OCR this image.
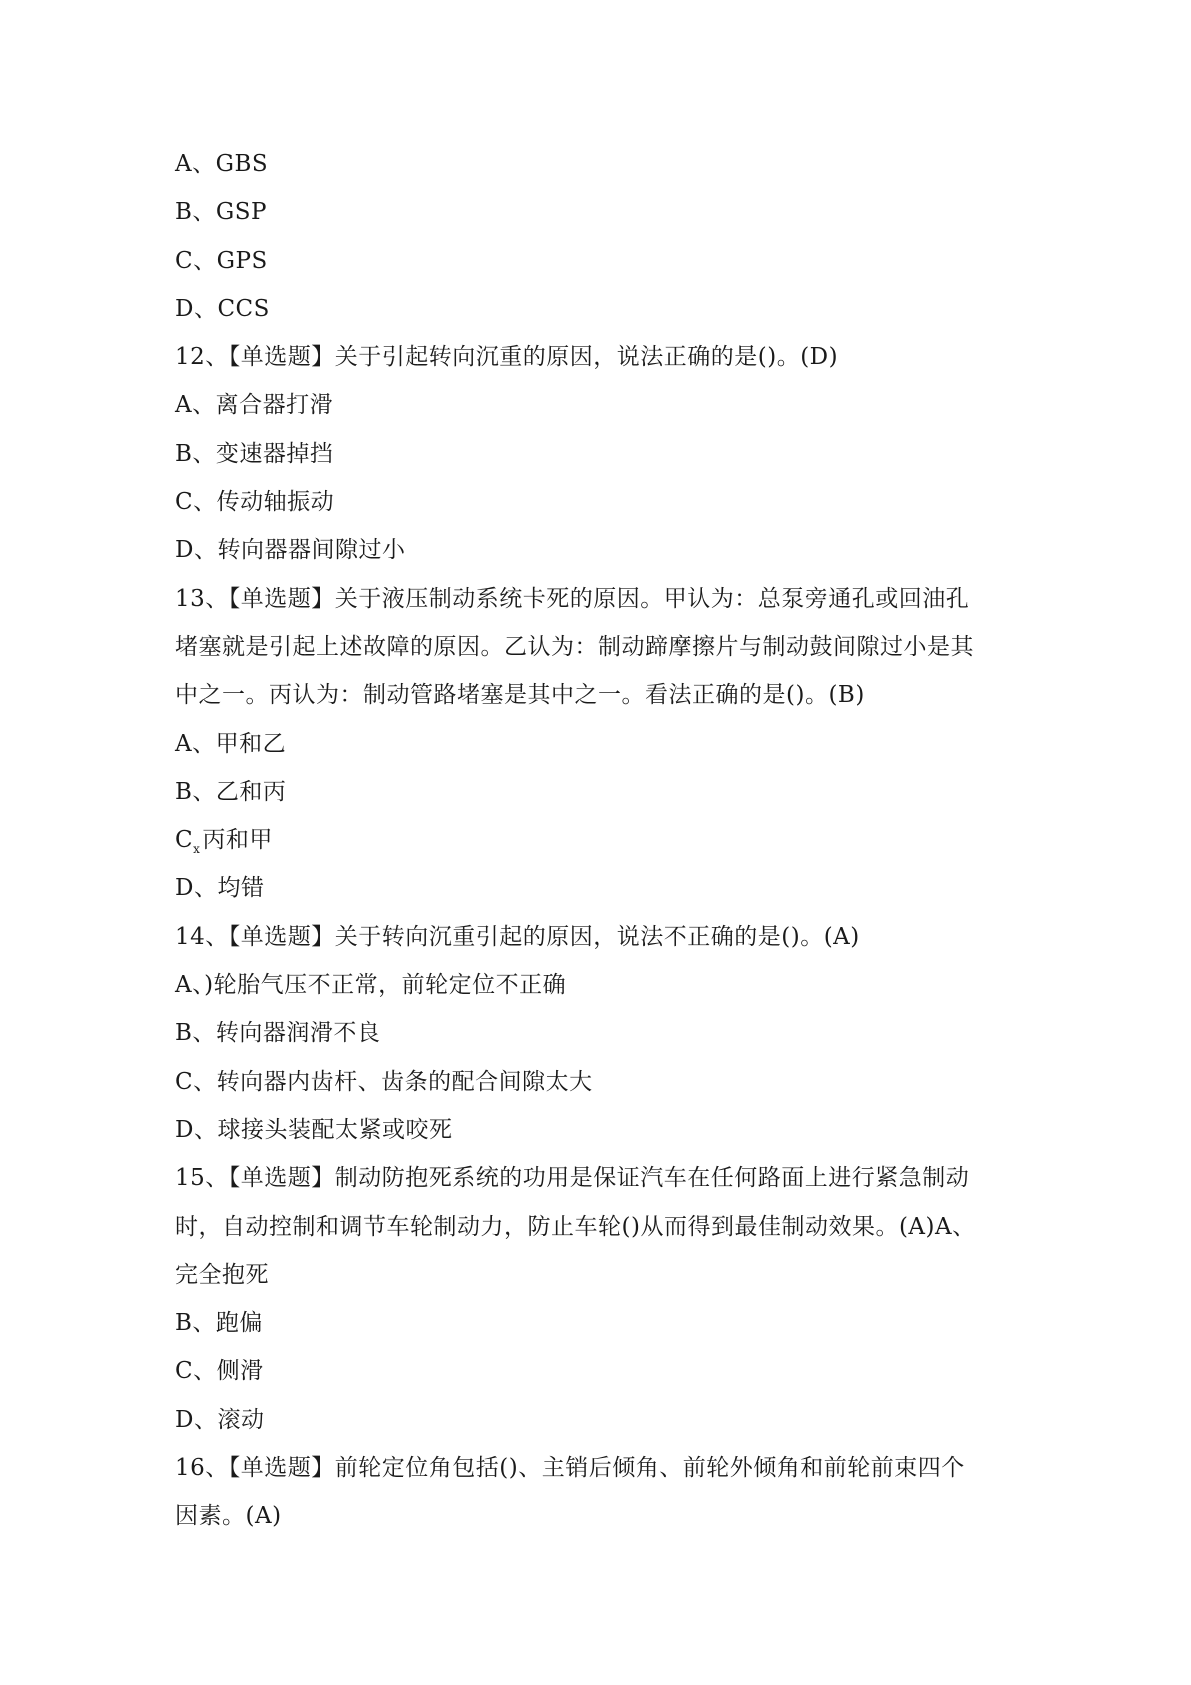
A、GBS
B、GSP
C、GPS
D、CCS
12、【单选题】关于引起转向沉重的原因，说法正确的是()。(D)
A、离合器打滑
B、变速器掉挡
C、传动轴振动
D、转向器器间隙过小
13、【单选题】关于液压制动系统卡死的原因。甲认为：总泵旁通孔或回油孔
堵塞就是引起上述故障的原因。乙认为：制动蹄摩擦片与制动鼓间隙过小是其
中之一。丙认为：制动管路堵塞是其中之一。看法正确的是()。(B)
A、甲和乙
B、乙和丙
$C_x$丙和甲
D、均错
14、【单选题】关于转向沉重引起的原因，说法不正确的是()。(A)
A、)轮胎气压不正常，前轮定位不正确
B、转向器润滑不良
C、转向器内齿杆、齿条的配合间隙太大
D、球接头装配太紧或咬死
15、【单选题】制动防抱死系统的功用是保证汽车在任何路面上进行紧急制动
时，自动控制和调节车轮制动力，防止车轮()从而得到最佳制动效果。(A)A、
完全抱死
B、跑偏
C、侧滑
D、滚动
16、【单选题】前轮定位角包括()、主销后倾角、前轮外倾角和前轮前束四个
因素。(A)
